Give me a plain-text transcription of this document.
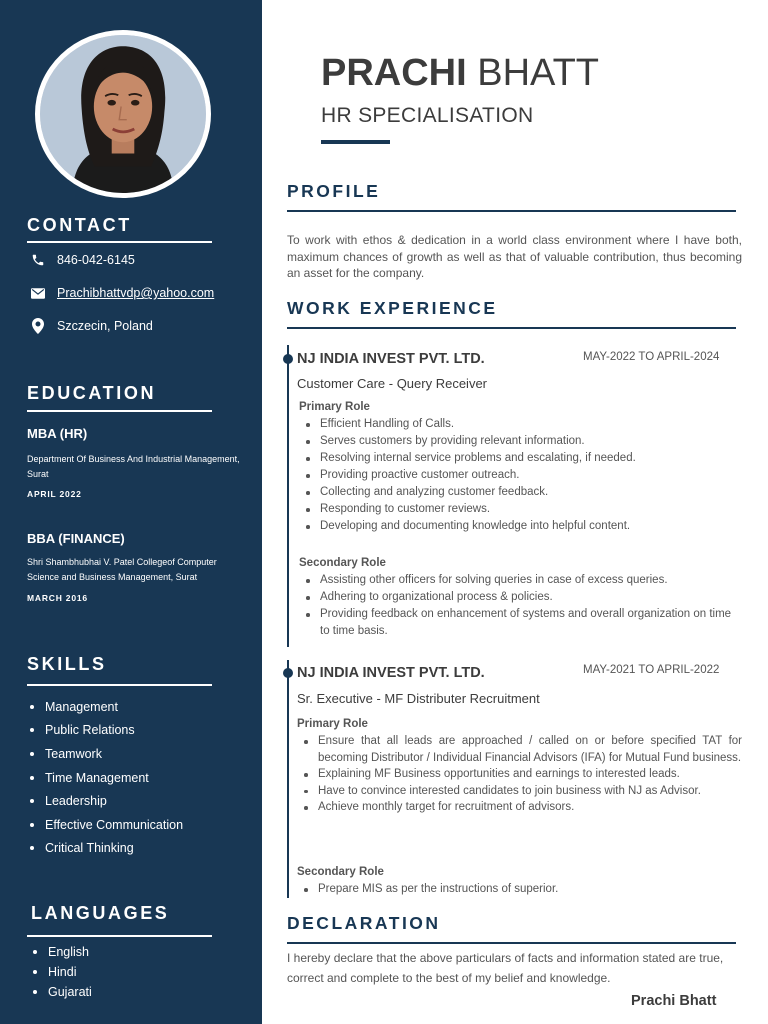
CONTACT
846-042-6145
Prachibhattvdp@yahoo.com
Szczecin, Poland
EDUCATION
MBA (HR)
Department Of Business And Industrial Management, Surat
APRIL 2022
BBA (FINANCE)
Shri Shambhubhai V. Patel Collegeof Computer Science and Business Management, Surat
MARCH 2016
SKILLS
Management
Public Relations
Teamwork
Time Management
Leadership
Effective Communication
Critical Thinking
LANGUAGES
English
Hindi
Gujarati
PRACHI BHATT
HR SPECIALISATION
PROFILE
To work with ethos & dedication in a world class environment where I have both, maximum chances of growth as well as that of valuable contribution, thus becoming an asset for the company.
WORK EXPERIENCE
NJ INDIA INVEST PVT. LTD.	MAY-2022 TO APRIL-2024
Customer Care - Query Receiver
Primary Role
Efficient Handling of Calls.
Serves customers by providing relevant information.
Resolving internal service problems and escalating, if needed.
Providing proactive customer outreach.
Collecting and analyzing customer feedback.
Responding to customer reviews.
Developing and documenting knowledge into helpful content.
Secondary Role
Assisting other officers for solving queries in case of excess queries.
Adhering to organizational process & policies.
Providing feedback on enhancement of systems and overall organization on time to time basis.
NJ INDIA INVEST PVT. LTD.	MAY-2021 TO APRIL-2022
Sr. Executive - MF Distributer Recruitment
Primary Role
Ensure that all leads are approached / called on or before specified TAT for becoming Distributor / Individual Financial Advisors (IFA) for Mutual Fund business.
Explaining MF Business opportunities and earnings to interested leads.
Have to convince interested candidates to join business with NJ as Advisor.
Achieve monthly target for recruitment of advisors.
Secondary Role
Prepare MIS as per the instructions of superior.
DECLARATION
I hereby declare that the above particulars of facts and information stated are true, correct and complete to the best of my belief and knowledge.
Prachi Bhatt
